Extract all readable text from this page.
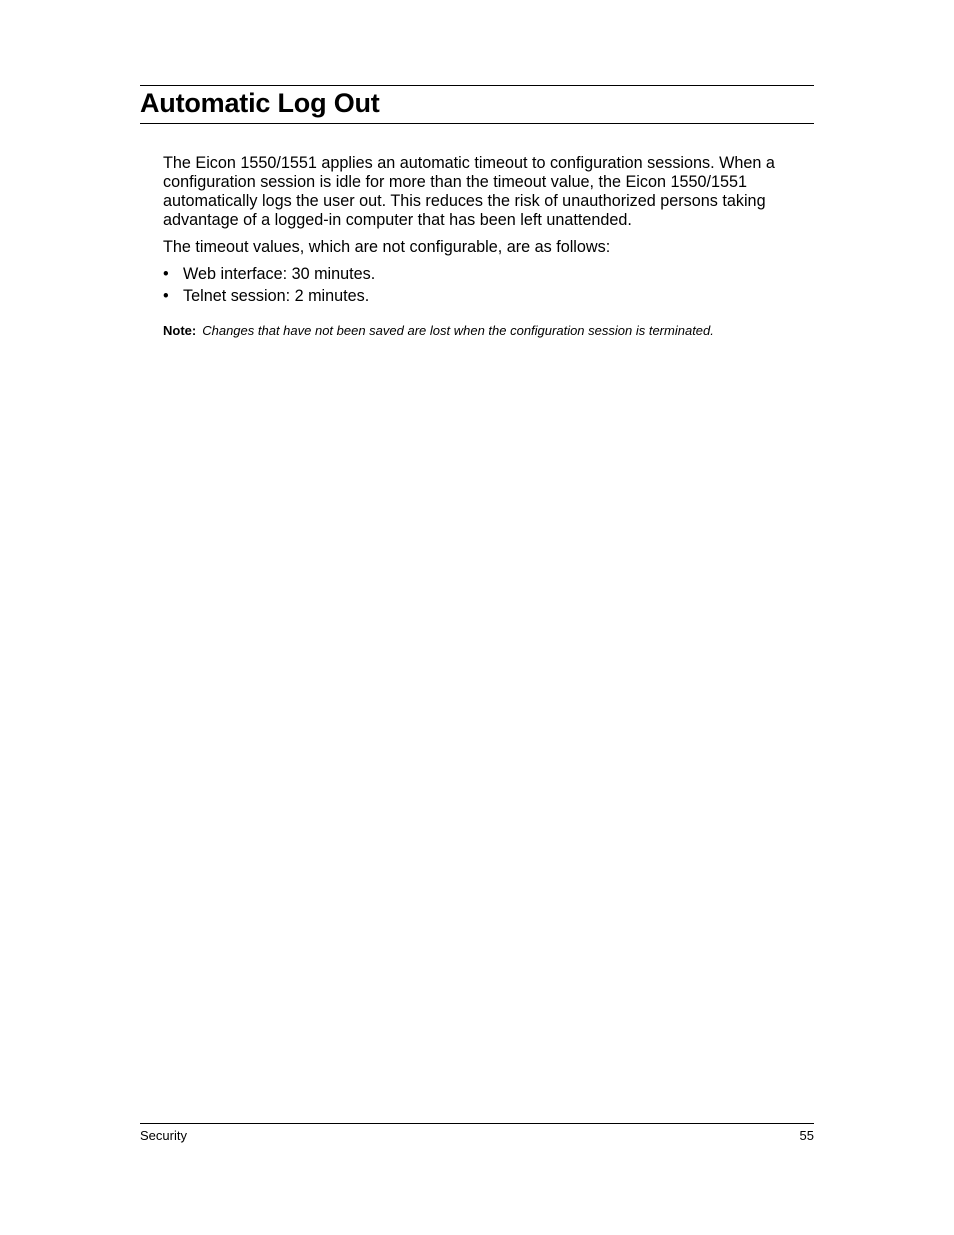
Automatic Log Out

The Eicon 1550/1551 applies an automatic timeout to configuration sessions. When a configuration session is idle for more than the timeout value, the Eicon 1550/1551 automatically logs the user out. This reduces the risk of unauthorized persons taking advantage of a logged-in computer that has been left unattended.

The timeout values, which are not configurable, are as follows:

• Web interface: 30 minutes.
• Telnet session: 2 minutes.
Note: Changes that have not been saved are lost when the configuration session is terminated.
Security	55
